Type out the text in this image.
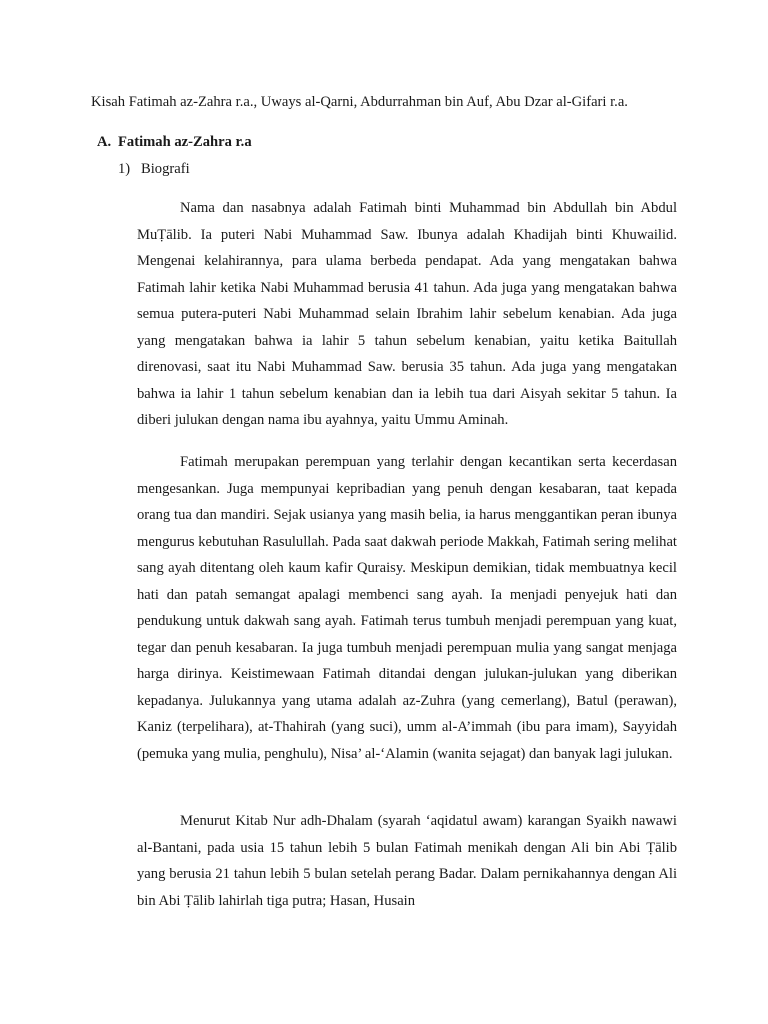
Kisah Fatimah az-Zahra r.a., Uways al-Qarni, Abdurrahman bin Auf, Abu Dzar al-Gifari r.a.
A. Fatimah az-Zahra r.a
1) Biografi

Nama dan nasabnya adalah Fatimah binti Muhammad bin Abdullah bin Abdul MuṬālib. Ia puteri Nabi Muhammad Saw. Ibunya adalah Khadijah binti Khuwailid. Mengenai kelahirannya, para ulama berbeda pendapat. Ada yang mengatakan bahwa Fatimah lahir ketika Nabi Muhammad berusia 41 tahun. Ada juga yang mengatakan bahwa semua putera-puteri Nabi Muhammad selain Ibrahim lahir sebelum kenabian. Ada juga yang mengatakan bahwa ia lahir 5 tahun sebelum kenabian, yaitu ketika Baitullah direnovasi, saat itu Nabi Muhammad Saw. berusia 35 tahun. Ada juga yang mengatakan bahwa ia lahir 1 tahun sebelum kenabian dan ia lebih tua dari Aisyah sekitar 5 tahun. Ia diberi julukan dengan nama ibu ayahnya, yaitu Ummu Aminah.

Fatimah merupakan perempuan yang terlahir dengan kecantikan serta kecerdasan mengesankan. Juga mempunyai kepribadian yang penuh dengan kesabaran, taat kepada orang tua dan mandiri. Sejak usianya yang masih belia, ia harus menggantikan peran ibunya mengurus kebutuhan Rasulullah. Pada saat dakwah periode Makkah, Fatimah sering melihat sang ayah ditentang oleh kaum kafir Quraisy. Meskipun demikian, tidak membuatnya kecil hati dan patah semangat apalagi membenci sang ayah. Ia menjadi penyejuk hati dan pendukung untuk dakwah sang ayah. Fatimah terus tumbuh menjadi perempuan yang kuat, tegar dan penuh kesabaran. Ia juga tumbuh menjadi perempuan mulia yang sangat menjaga harga dirinya. Keistimewaan Fatimah ditandai dengan julukan-julukan yang diberikan kepadanya. Julukannya yang utama adalah az-Zuhra (yang cemerlang), Batul (perawan), Kaniz (terpelihara), at-Thahirah (yang suci), umm al-A’immah (ibu para imam), Sayyidah (pemuka yang mulia, penghulu), Nisa’ al-‘Alamin (wanita sejagat) dan banyak lagi julukan.

Menurut Kitab Nur adh-Dhalam (syarah ‘aqidatul awam) karangan Syaikh nawawi al-Bantani, pada usia 15 tahun lebih 5 bulan Fatimah menikah dengan Ali bin Abi Ṭālib yang berusia 21 tahun lebih 5 bulan setelah perang Badar. Dalam pernikahannya dengan Ali bin Abi Ṭālib lahirlah tiga putra; Hasan, Husain
